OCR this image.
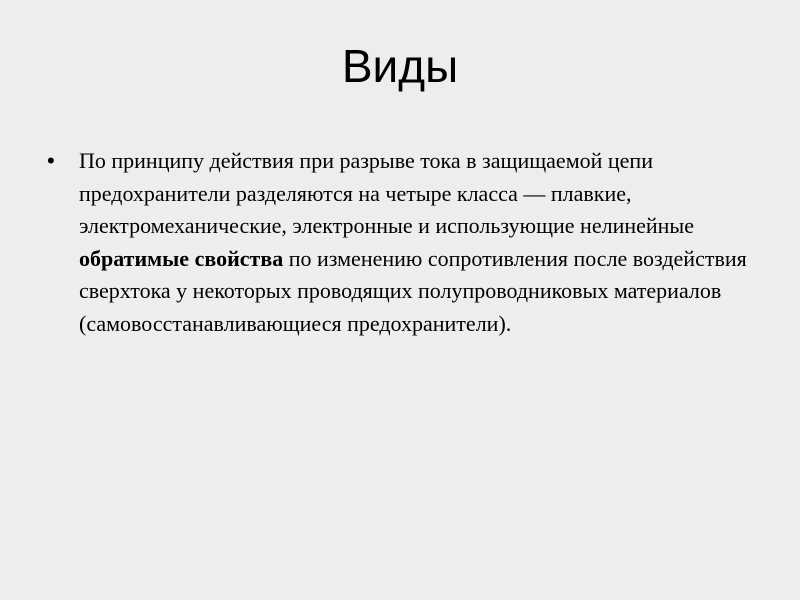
Виды
•	По принципу действия при разрыве тока в защищаемой цепи предохранители разделяются на четыре класса — плавкие, электромеханические, электронные и использующие нелинейные обратимые свойства по изменению сопротивления после воздействия сверхтока у некоторых проводящих полупроводниковых материалов (самовосстанавливающиеся предохранители).
